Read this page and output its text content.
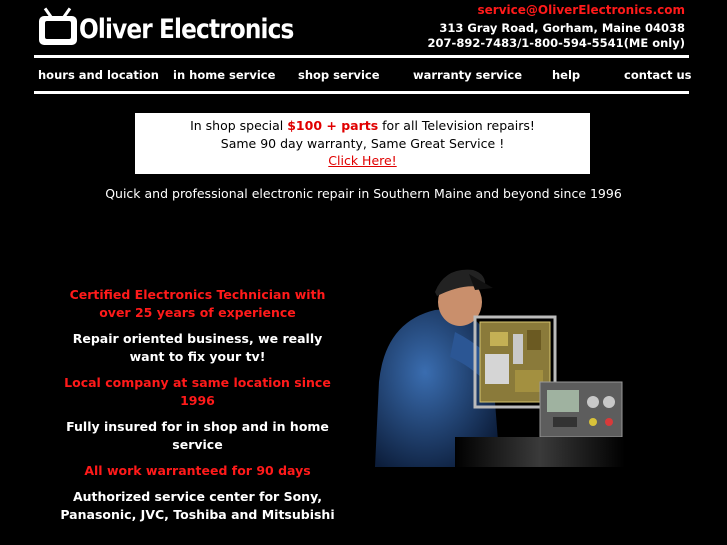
Oliver Electronics
service@OliverElectronics.com
313 Gray Road, Gorham, Maine 04038
207-892-7483/1-800-594-5541(ME only)
hours and location in home service shop service	warranty service	help	contact us
In shop special $100 + parts for all Television repairs!
Same 90 day warranty, Same Great Service !
Click Here!
Quick and professional electronic repair in Southern Maine and beyond since 1996

Certified Electronics Technician with over 25 years of experience

Repair oriented business, we really want to fix your tv!

Local company at same location since 1996

Fully insured for in shop and in home service

All work warranteed for 90 days

Authorized service center for Sony, Panasonic, JVC, Toshiba and Mitsubishi
